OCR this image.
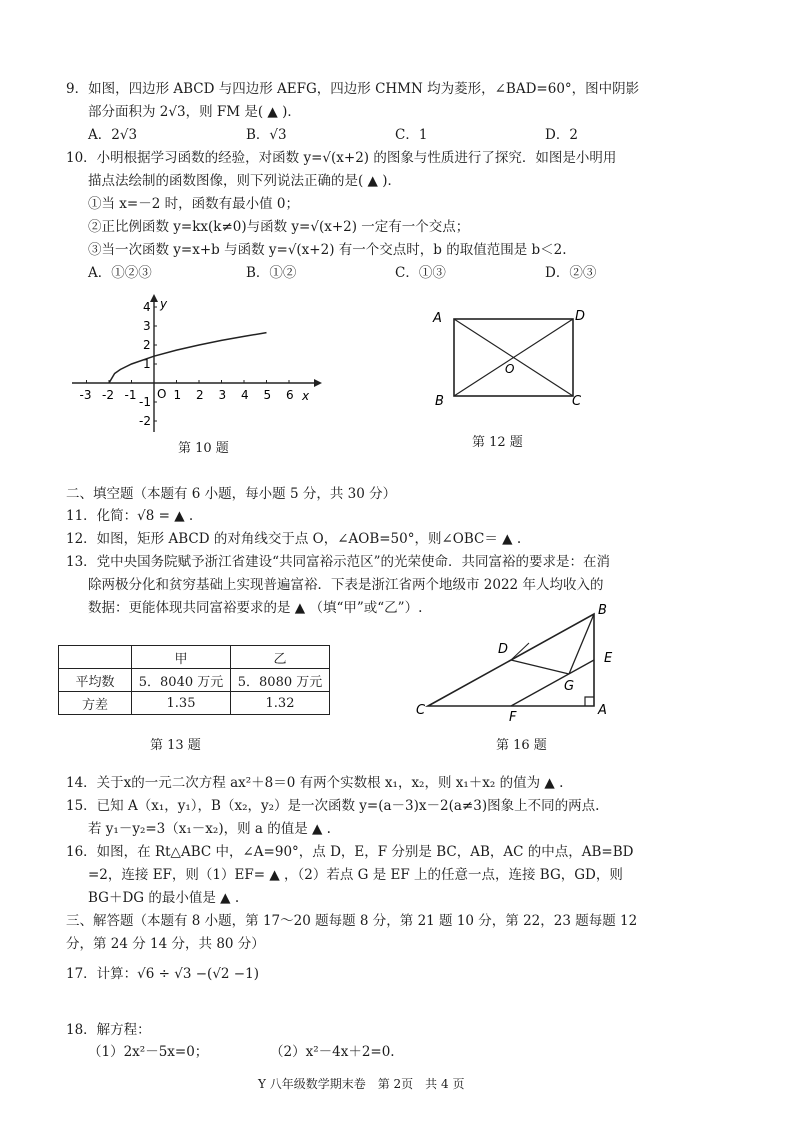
9．如图，四边形 ABCD 与四边形 AEFG，四边形 CHMN 均为菱形，∠BAD=60°，图中阴影
部分面积为 2√3，则 FM 是( ▲ )．
A．2√3	B．√3	C．1	D．2
10．小明根据学习函数的经验，对函数 y=√(x+2) 的图象与性质进行了探究．如图是小明用
描点法绘制的函数图像，则下列说法正确的是( ▲ )．
①当 x=－2 时，函数有最小值 0；
②正比例函数 y=kx(k≠0)与函数 y=√(x+2) 一定有一个交点；
③当一次函数 y=x+b 与函数 y=√(x+2) 有一个交点时，b 的取值范围是 b＜2.
A．①②③	B．①②	C．①③	D．②③
y
x
O
-3 -2 -1	1 2 3 4 5 6
4
3
2
1
-1
-2
第 10 题
A
B	C
D
O
第 12 题
二、填空题（本题有 6 小题，每小题 5 分，共 30 分）
11．化简：√8 = ▲ .
12．如图，矩形 ABCD 的对角线交于点 O，∠AOB=50°，则∠OBC＝ ▲ .
13．党中央国务院赋予浙江省建设“共同富裕示范区”的光荣使命．共同富裕的要求是：在消
除两极分化和贫穷基础上实现普遍富裕．下表是浙江省两个地级市 2022 年人均收入的
数据：更能体现共同富裕要求的是 ▲ （填“甲”或“乙”）.
	甲	乙
平均数	5．8040 万元	5．8080 万元
方差	1.35	1.32
第 13 题
A
B
C
D
E
F
G
第 16 题
14．关于x的一元二次方程 ax²＋8＝0 有两个实数根 x₁，x₂，则 x₁＋x₂ 的值为 ▲ .
15．已知 A（x₁，y₁），B（x₂，y₂）是一次函数 y=(a－3)x－2(a≠3)图象上不同的两点.
若 y₁－y₂=3（x₁－x₂)，则 a 的值是 ▲ .
16．如图，在 Rt△ABC 中，∠A=90°，点 D，E，F 分别是 BC，AB，AC 的中点，AB=BD
=2，连接 EF，则（1）EF= ▲ ，（2）若点 G 是 EF 上的任意一点，连接 BG，GD，则
BG＋DG 的最小值是 ▲ .
三、解答题（本题有 8 小题，第 17～20 题每题 8 分，第 21 题 10 分，第 22，23 题每题 12
分，第 24 分 14 分，共 80 分）
17．计算：√6 ÷ √3 −(√2 −1)
18．解方程：
（1）2x²－5x=0；	（2）x²－4x＋2=0.
Y 八年级数学期末卷　第 2页　共 4 页
